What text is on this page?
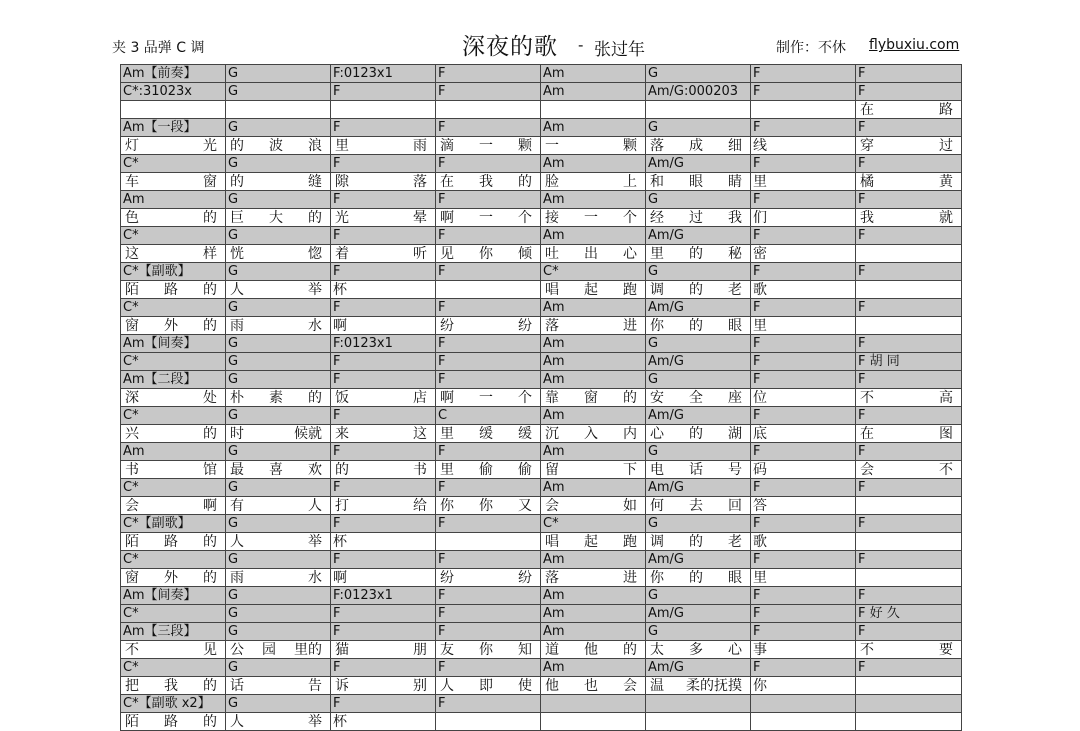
夹 3 品弹 C 调	深夜的歌 - 张过年	制作：不休 flybuxiu.com
Am【前奏】	G	F:0123x1	F	Am	G	F	F
C*:31023x	G	F	F	Am	Am/G:000203	F	F

							在 路

Am【一段】	G	F	F	Am	G	F	F

灯 光	的 波 浪	里 雨	滴 一 颗	一 颗	落 成 细	线	穿 过

C*	G	F	F	Am	Am/G	F	F

车 窗	的 缝	隙 落	在 我 的	脸 上	和 眼 睛	里	橘 黄

Am	G	F	F	Am	G	F	F

色 的	巨 大 的	光 晕	啊 一 个	接 一 个	经 过 我	们	我 就

C*	G	F	F	Am	Am/G	F	F

这 样	恍 惚	着 听	见 你 倾	吐 出 心	里 的 秘	密	
C*【副歌】	G	F	F	C*	G	F	F

陌 路 的	人 举	杯		唱 起 跑	调 的 老	歌	
C*	G	F	F	Am	Am/G	F	F

窗 外 的	雨 水	啊	纷 纷	落 进	你 的 眼	里	
Am【间奏】	G	F:0123x1	F	Am	G	F	F
C*	G	F	F	Am	Am/G	F	F 胡 同
Am【二段】	G	F	F	Am	G	F	F

深 处	朴 素 的	饭 店	啊 一 个	靠 窗 的	安 全 座	位	不 高

C*	G	F	C	Am	Am/G	F	F

兴 的	时 候就	来 这	里 缓 缓	沉 入 内	心 的 湖	底	在 图

Am	G	F	F	Am	G	F	F

书 馆	最 喜 欢	的 书	里 偷 偷	留 下	电 话 号	码	会 不

C*	G	F	F	Am	Am/G	F	F

会 啊	有 人	打 给	你 你 又	会 如	何 去 回	答	
C*【副歌】	G	F	F	C*	G	F	F

陌 路 的	人 举	杯		唱 起 跑	调 的 老	歌	
C*	G	F	F	Am	Am/G	F	F

窗 外 的	雨 水	啊	纷 纷	落 进	你 的 眼	里	
Am【间奏】	G	F:0123x1	F	Am	G	F	F
C*	G	F	F	Am	Am/G	F	F 好 久
Am【三段】	G	F	F	Am	G	F	F

不 见	公 园 里的	猫 朋	友 你 知	道 他 的	太 多 心	事	不 要

C*	G	F	F	Am	Am/G	F	F

把 我 的	话 告	诉 别	人 即 使	他 也 会	温 柔的抚摸	你	
C*【副歌 x2】	G	F	F				

陌 路 的	人 举	杯					
